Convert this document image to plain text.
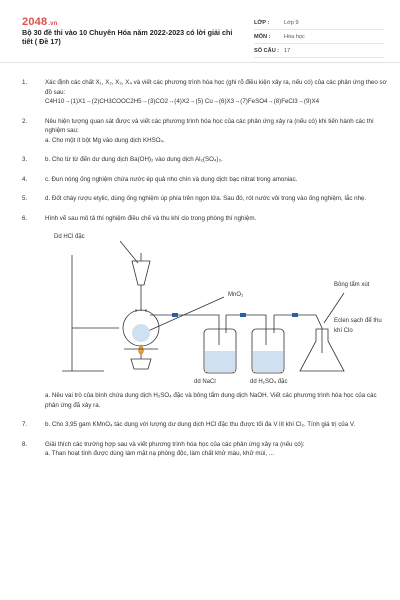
2048.vn
Bộ 30 đề thi vào 10 Chuyên Hóa năm 2022-2023 có lời giải chi tiết ( Đề 17)
LỚP :	Lớp 9
MÔN :	Hóa học
SỐ CÂU : 17
1.	Xác định các chất X₁, X₂, X₃, X₄ và viết các phương trình hóa học (ghi rõ điều kiện xảy ra, nếu có) của các phản ứng theo sơ đồ sau:
C4H10→(1)X1→(2)CH3COOC2H5→(3)CO2→(4)X2→(5) Cu→(6)X3→(7)FeSO4→(8)FeCl3→(9)X4
2.	Nêu hiện tượng quan sát được và viết các phương trình hóa học của các phản ứng xảy ra (nếu có) khi tiến hành các thí nghiệm sau:
a. Cho một ít bột Mg vào dung dịch KHSO₄.
3.	b. Cho từ từ đến dư dung dịch Ba(OH)₂ vào dung dịch Al₂(SO₄)₃.
4.	c. Đun nóng ống nghiệm chứa nước ép quả nho chín và dung dịch bạc nitrat trong amoniac.
5.	d. Đốt cháy rượu etylic, dùng ống nghiệm úp phía trên ngọn lửa. Sau đó, rót nước vôi trong vào ống nghiệm, lắc nhẹ.
6.	Hình vẽ sau mô tả thí nghiệm điều chế và thu khí clo trong phòng thí nghiệm.
Dd HCl đặc
MnO₂
Bông tẩm xút
Eclen sạch để thu khí Clo
dd NaCl	dd H₂SO₄ đặc
a. Nêu vai trò của bình chứa dung dịch H₂SO₄ đặc và bông tẩm dung dịch NaOH. Viết các phương trình hóa học của các phản ứng đã xảy ra.
7.	b. Cho 3,95 gam KMnO₄ tác dụng với lượng dư dung dịch HCl đặc thu được tối đa V lít khí Cl₂. Tính giá trị của V.
8.	Giải thích các trường hợp sau và viết phương trình hóa học của các phản ứng xảy ra (nếu có):
a. Than hoạt tính được dùng làm mặt nạ phòng độc, làm chất khử màu, khử mùi, ...
